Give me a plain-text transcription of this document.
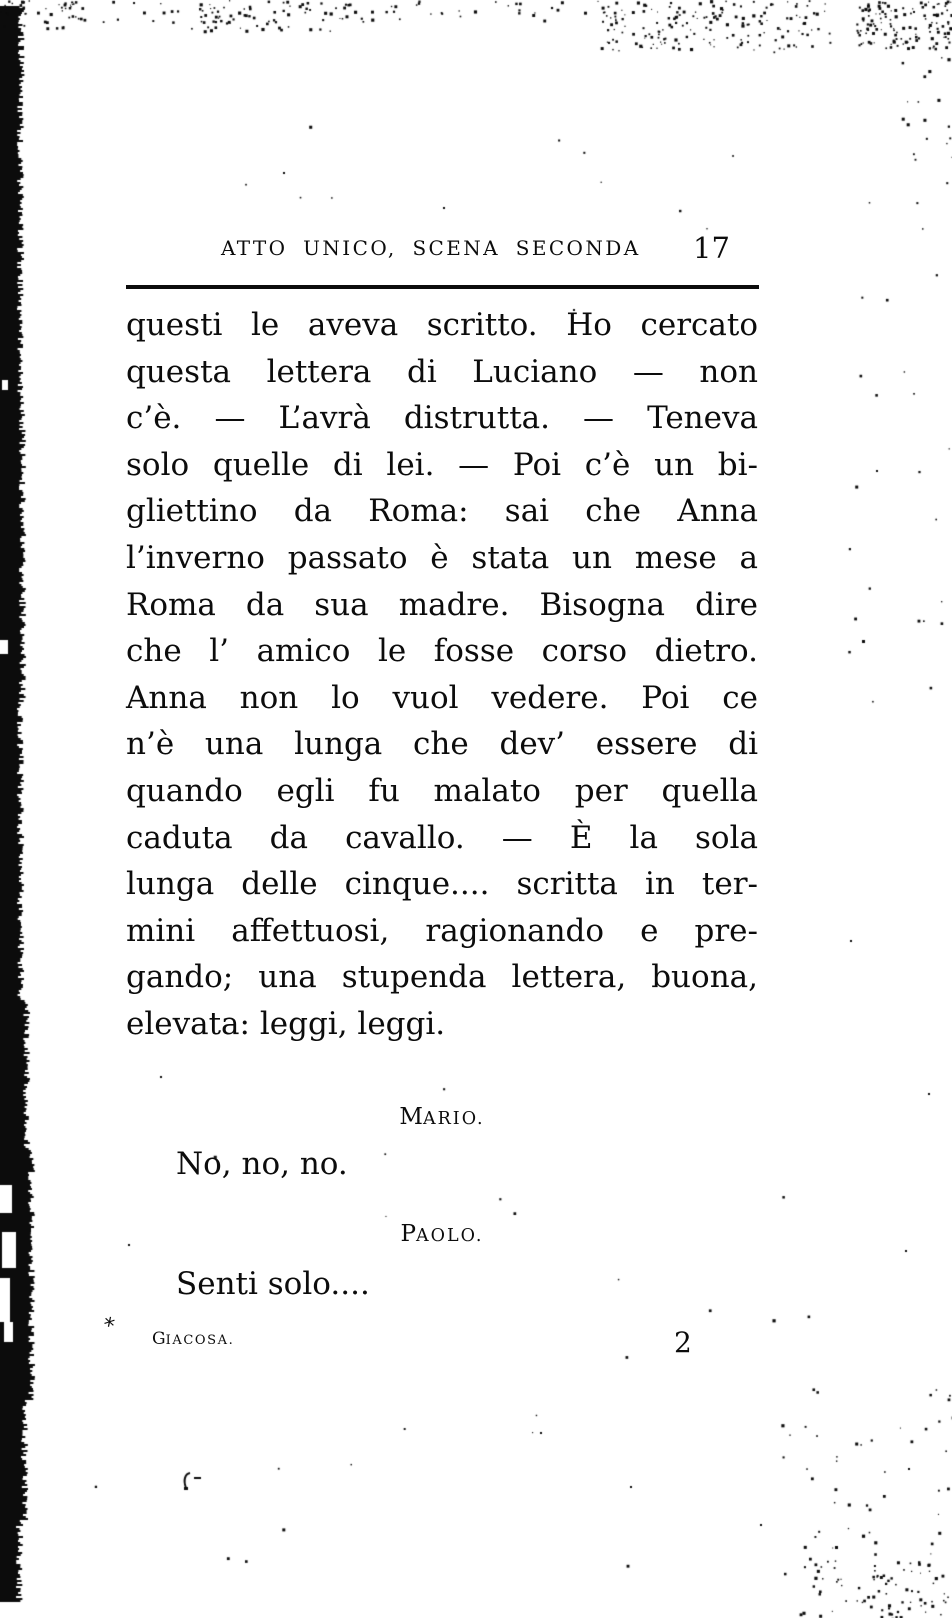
ATTO UNICO, SCENA SECONDA 17
questi le aveva scritto. Ho cercato
questa lettera di Luciano — non
c’è. — L’avrà distrutta. — Teneva
solo quelle di lei. — Poi c’è un bi-
gliettino da Roma: sai che Anna
l’inverno passato è stata un mese a
Roma da sua madre. Bisogna dire
che l’ amico le fosse corso dietro.
Anna non lo vuol vedere. Poi ce
n’è una lunga che dev’ essere di
quando egli fu malato per quella
caduta da cavallo. — È la sola
lunga delle cinque.... scritta in ter-
mini affettuosi, ragionando e pre-
gando; una stupenda lettera, buona,
elevata: leggi, leggi.
MARIO.
No, no, no.
PAOLO.
Senti solo....
GIACOSA.	2
*
